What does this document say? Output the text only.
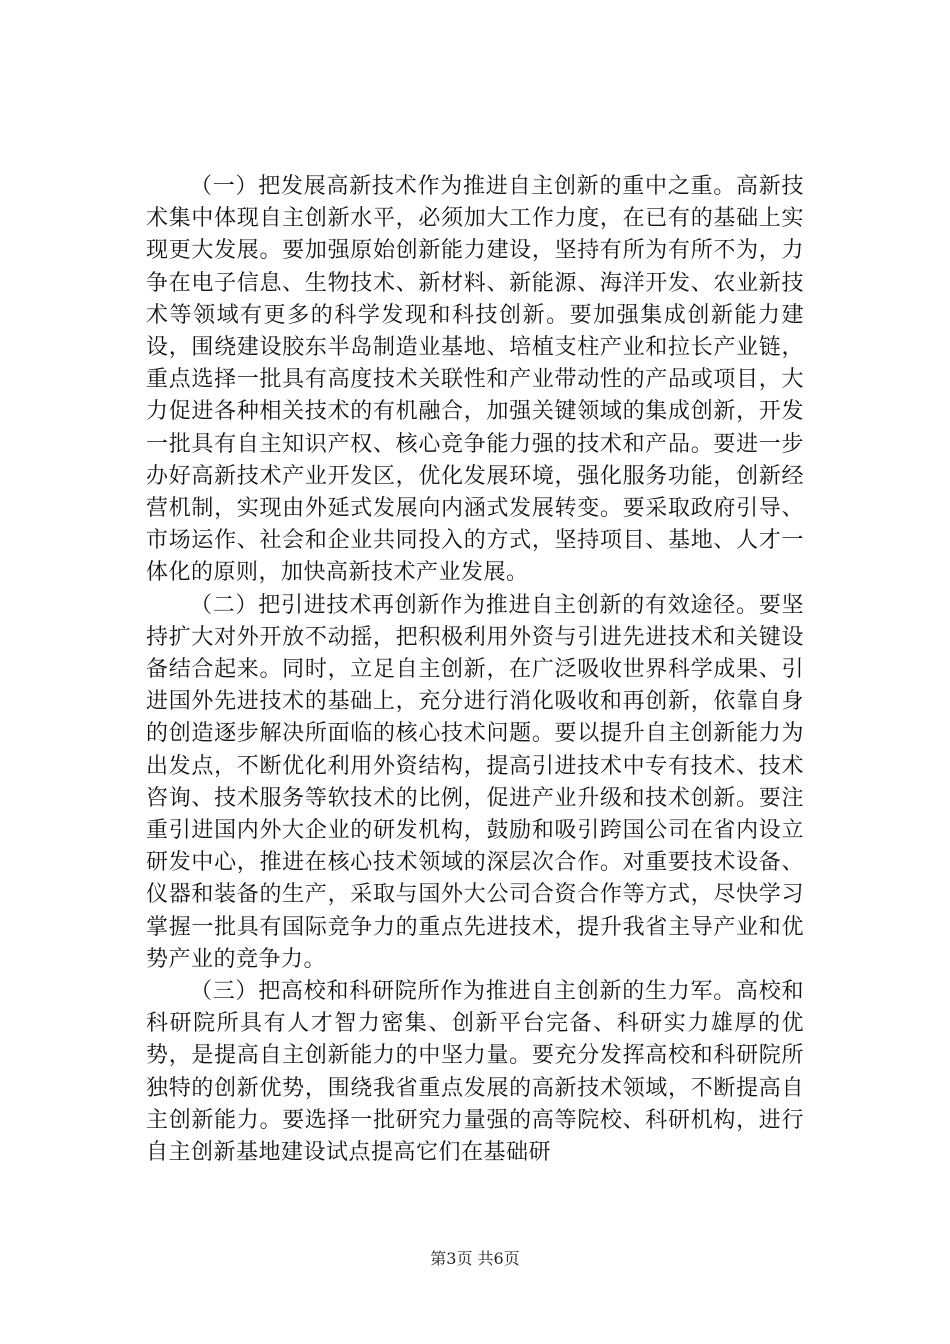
（一）把发展高新技术作为推进自主创新的重中之重。高新技术集中体现自主创新水平，必须加大工作力度，在已有的基础上实现更大发展。要加强原始创新能力建设，坚持有所为有所不为，力争在电子信息、生物技术、新材料、新能源、海洋开发、农业新技术等领域有更多的科学发现和科技创新。要加强集成创新能力建设，围绕建设胶东半岛制造业基地、培植支柱产业和拉长产业链，重点选择一批具有高度技术关联性和产业带动性的产品或项目，大力促进各种相关技术的有机融合，加强关键领域的集成创新，开发一批具有自主知识产权、核心竞争能力强的技术和产品。要进一步办好高新技术产业开发区，优化发展环境，强化服务功能，创新经营机制，实现由外延式发展向内涵式发展转变。要采取政府引导、市场运作、社会和企业共同投入的方式，坚持项目、基地、人才一体化的原则，加快高新技术产业发展。

（二）把引进技术再创新作为推进自主创新的有效途径。要坚持扩大对外开放不动摇，把积极利用外资与引进先进技术和关键设备结合起来。同时，立足自主创新，在广泛吸收世界科学成果、引进国外先进技术的基础上，充分进行消化吸收和再创新，依靠自身的创造逐步解决所面临的核心技术问题。要以提升自主创新能力为出发点，不断优化利用外资结构，提高引进技术中专有技术、技术咨询、技术服务等软技术的比例，促进产业升级和技术创新。要注重引进国内外大企业的研发机构，鼓励和吸引跨国公司在省内设立研发中心，推进在核心技术领域的深层次合作。对重要技术设备、仪器和装备的生产，采取与国外大公司合资合作等方式，尽快学习掌握一批具有国际竞争力的重点先进技术，提升我省主导产业和优势产业的竞争力。

（三）把高校和科研院所作为推进自主创新的生力军。高校和科研院所具有人才智力密集、创新平台完备、科研实力雄厚的优势，是提高自主创新能力的中坚力量。要充分发挥高校和科研院所独特的创新优势，围绕我省重点发展的高新技术领域，不断提高自主创新能力。要选择一批研究力量强的高等院校、科研机构，进行自主创新基地建设试点提高它们在基础研

第3页 共6页
